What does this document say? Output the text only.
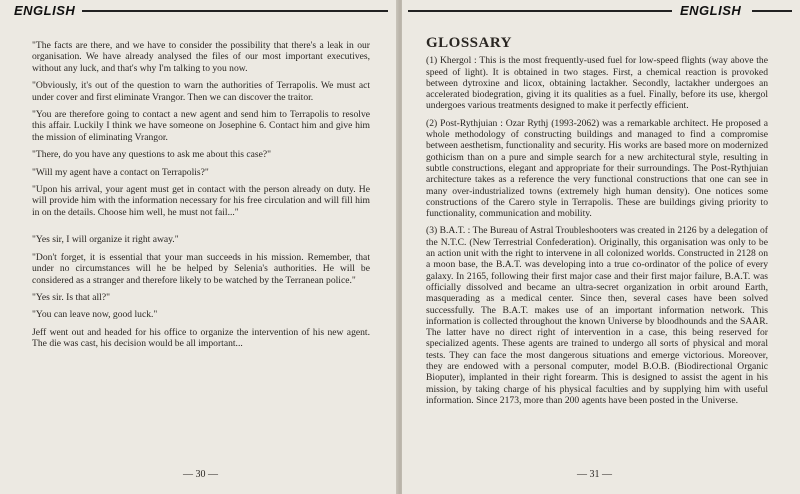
ENGLISH

"The facts are there, and we have to consider the possibility that there's a leak in our organisation. We have already analysed the files of our most important executives, without any luck, and that's why I'm talking to you now.

"Obviously, it's out of the question to warn the authorities of Terrapolis. We must act under cover and first eliminate Vrangor. Then we can discover the traitor.

"You are therefore going to contact a new agent and send him to Terrapolis to resolve this affair. Luckily I think we have someone on Josephine 6. Contact him and give him the mission of eliminating Vrangor.

"There, do you have any questions to ask me about this case?"

"Will my agent have a contact on Terrapolis?"

"Upon his arrival, your agent must get in contact with the person already on duty. He will provide him with the information necessary for his free circulation and will fill him in on the details. Choose him well, he must not fail..."

"Yes sir, I will organize it right away."

"Don't forget, it is essential that your man succeeds in his mission. Remember, that under no circumstances will he be helped by Selenia's authorities. He will be considered as a stranger and therefore likely to be watched by the Terranean police."

"Yes sir. Is that all?"

"You can leave now, good luck."

Jeff went out and headed for his office to organize the intervention of his new agent. The die was cast, his decision would be all important...

— 30 —
ENGLISH
GLOSSARY

(1) Khergol : This is the most frequently-used fuel for low-speed flights (way above the speed of light). It is obtained in two stages. First, a chemical reaction is provoked between dytroxine and licox, obtaining lactakher. Secondly, lactakher undergoes an accelerated biodegration, giving it its qualities as a fuel. Finally, before its use, khergol undergoes various treatments designed to make it perfectly efficient.

(2) Post-Rythjuian : Ozar Rythj (1993-2062) was a remarkable architect. He proposed a whole methodology of constructing buildings and managed to find a compromise between aesthetism, functionality and security. His works are based more on modernized gothicism than on a pure and simple search for a new architectural style, resulting in subtle constructions, elegant and appropriate for their surroundings. The Post-Rythjuian architecture takes as a reference the very functional constructions that one can see in many over-industrialized towns (extremely high human density). One notices some constructions of the Carero style in Terrapolis. These are buildings giving priority to functionality, communication and mobility.

(3) B.A.T. : The Bureau of Astral Troubleshooters was created in 2126 by a delegation of the N.T.C. (New Terrestrial Confederation). Originally, this organisation was only to be an action unit with the right to intervene in all colonized worlds. Constructed in 2128 on a moon base, the B.A.T. was developing into a true co-ordinator of the police of every galaxy. In 2165, following their first major case and their first major failure, B.A.T. was officially dissolved and became an ultra-secret organization in orbit around Earth, masquerading as a medical center. Since then, several cases have been solved successfully. The B.A.T. makes use of an important information network. This information is collected throughout the known Universe by bloodhounds and the SAAR. The latter have no direct right of intervention in a case, this being reserved for specialized agents. These agents are trained to undergo all sorts of physical and moral tests. They can face the most dangerous situations and emerge victorious. Moreover, they are endowed with a personal computer, model B.O.B. (Biodirectional Organic Bioputer), implanted in their right forearm. This is designed to assist the agent in his mission, by taking charge of his physical faculties and by supplying him with useful information. Since 2173, more than 200 agents have been posted in the Universe.

— 31 —
